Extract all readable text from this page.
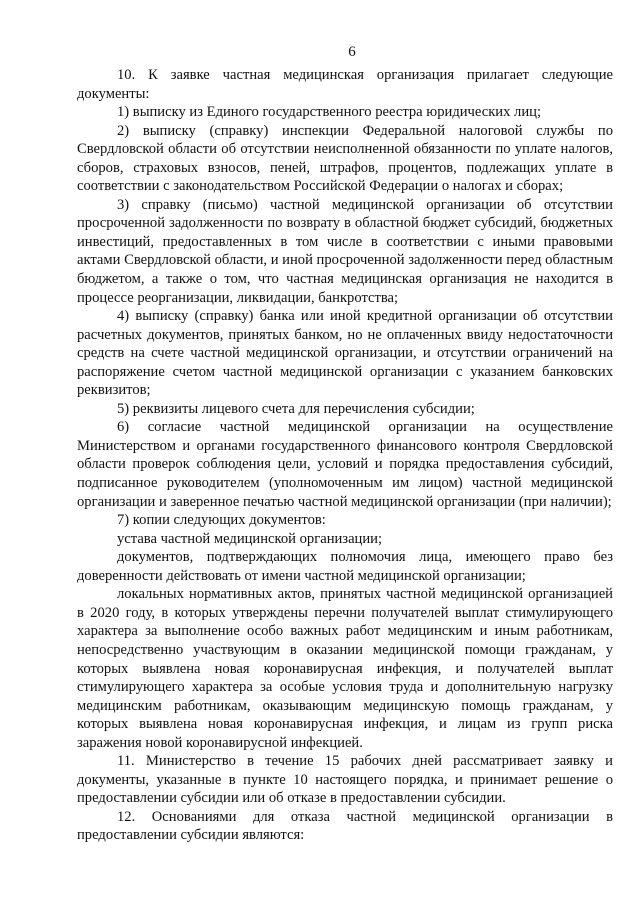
6

10. К заявке частная медицинская организация прилагает следующие документы:

1) выписку из Единого государственного реестра юридических лиц;

2) выписку (справку) инспекции Федеральной налоговой службы по Свердловской области об отсутствии неисполненной обязанности по уплате налогов, сборов, страховых взносов, пеней, штрафов, процентов, подлежащих уплате в соответствии с законодательством Российской Федерации о налогах и сборах;

3) справку (письмо) частной медицинской организации об отсутствии просроченной задолженности по возврату в областной бюджет субсидий, бюджетных инвестиций, предоставленных в том числе в соответствии с иными правовыми актами Свердловской области, и иной просроченной задолженности перед областным бюджетом, а также о том, что частная медицинская организация не находится в процессе реорганизации, ликвидации, банкротства;

4) выписку (справку) банка или иной кредитной организации об отсутствии расчетных документов, принятых банком, но не оплаченных ввиду недостаточности средств на счете частной медицинской организации, и отсутствии ограничений на распоряжение счетом частной медицинской организации с указанием банковских реквизитов;

5) реквизиты лицевого счета для перечисления субсидии;

6) согласие частной медицинской организации на осуществление Министерством и органами государственного финансового контроля Свердловской области проверок соблюдения цели, условий и порядка предоставления субсидий, подписанное руководителем (уполномоченным им лицом) частной медицинской организации и заверенное печатью частной медицинской организации (при наличии);

7) копии следующих документов:

устава частной медицинской организации;

документов, подтверждающих полномочия лица, имеющего право без доверенности действовать от имени частной медицинской организации;

локальных нормативных актов, принятых частной медицинской организацией в 2020 году, в которых утверждены перечни получателей выплат стимулирующего характера за выполнение особо важных работ медицинским и иным работникам, непосредственно участвующим в оказании медицинской помощи гражданам, у которых выявлена новая коронавирусная инфекция, и получателей выплат стимулирующего характера за особые условия труда и дополнительную нагрузку медицинским работникам, оказывающим медицинскую помощь гражданам, у которых выявлена новая коронавирусная инфекция, и лицам из групп риска заражения новой коронавирусной инфекцией.

11. Министерство в течение 15 рабочих дней рассматривает заявку и документы, указанные в пункте 10 настоящего порядка, и принимает решение о предоставлении субсидии или об отказе в предоставлении субсидии.

12. Основаниями для отказа частной медицинской организации в предоставлении субсидии являются:
